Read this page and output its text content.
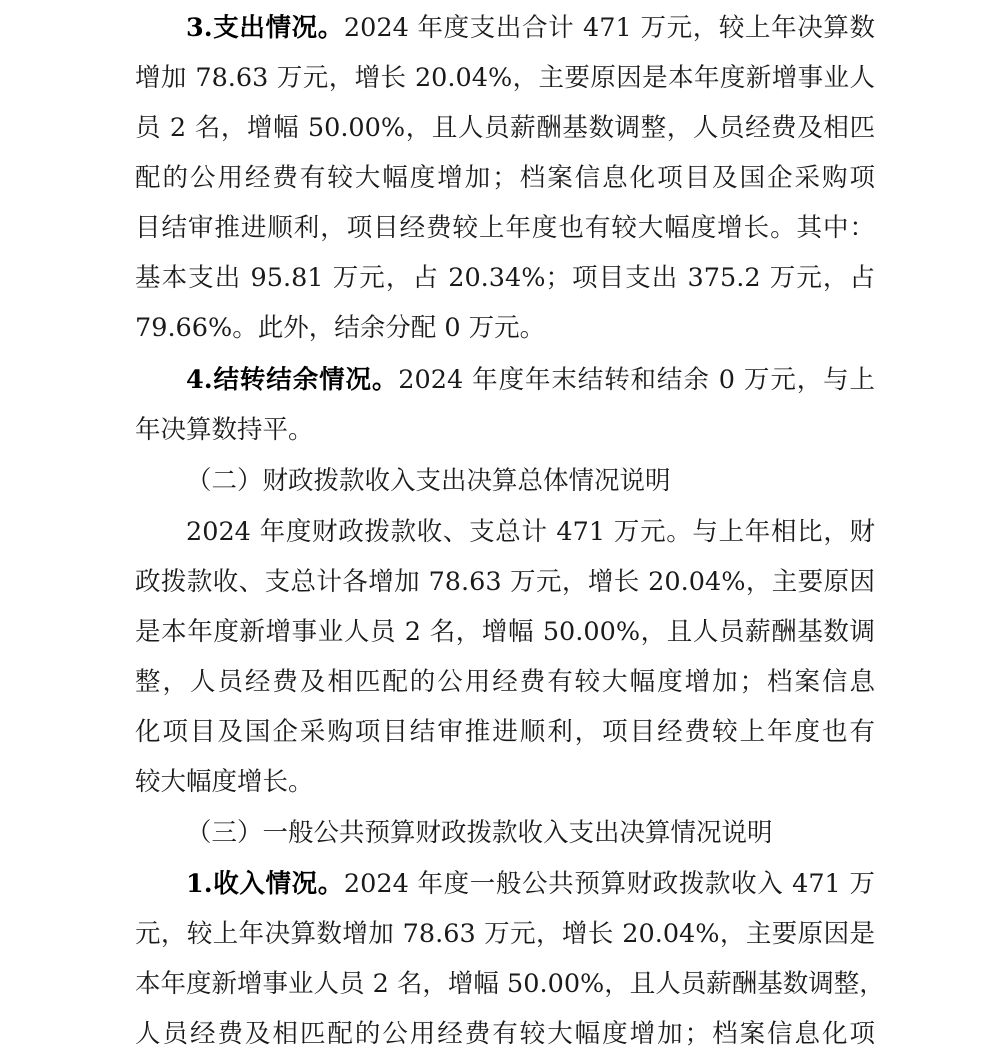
3.支出情况。2024 年度支出合计 471 万元，较上年决算数
增加 78.63 万元，增长 20.04%，主要原因是本年度新增事业人
员 2 名，增幅 50.00%，且人员薪酬基数调整，人员经费及相匹
配的公用经费有较大幅度增加；档案信息化项目及国企采购项
目结审推进顺利，项目经费较上年度也有较大幅度增长。其中：
基本支出 95.81 万元，占 20.34%；项目支出 375.2 万元，占
79.66%。此外，结余分配 0 万元。
4.结转结余情况。2024 年度年末结转和结余 0 万元，与上
年决算数持平。
（二）财政拨款收入支出决算总体情况说明
2024 年度财政拨款收、支总计 471 万元。与上年相比，财
政拨款收、支总计各增加 78.63 万元，增长 20.04%，主要原因
是本年度新增事业人员 2 名，增幅 50.00%，且人员薪酬基数调
整，人员经费及相匹配的公用经费有较大幅度增加；档案信息
化项目及国企采购项目结审推进顺利，项目经费较上年度也有
较大幅度增长。
（三）一般公共预算财政拨款收入支出决算情况说明
1.收入情况。2024 年度一般公共预算财政拨款收入 471 万
元，较上年决算数增加 78.63 万元，增长 20.04%，主要原因是
本年度新增事业人员 2 名，增幅 50.00%，且人员薪酬基数调整，
人员经费及相匹配的公用经费有较大幅度增加；档案信息化项
